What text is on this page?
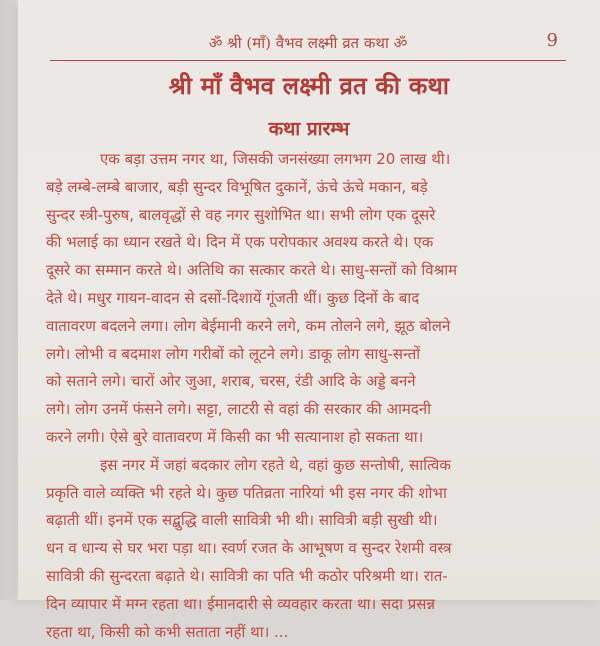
ॐ श्री (माँ) वैभव लक्ष्मी व्रत कथा ॐ	9
श्री माँ वैभव लक्ष्मी व्रत की कथा
कथा प्रारम्भ
एक बड़ा उत्तम नगर था, जिसकी जनसंख्या लगभग 20 लाख थी।
बड़े लम्बे-लम्बे बाजार, बड़ी सुन्दर विभूषित दुकानें, ऊंचे ऊंचे मकान, बड़े
सुन्दर स्त्री-पुरुष, बालवृद्धों से वह नगर सुशोभित था। सभी लोग एक दूसरे
की भलाई का ध्यान रखते थे। दिन में एक परोपकार अवश्य करते थे। एक
दूसरे का सम्मान करते थे। अतिथि का सत्कार करते थे। साधु-सन्तों को विश्राम
देते थे। मधुर गायन-वादन से दसों-दिशायें गूंजती थीं। कुछ दिनों के बाद
वातावरण बदलने लगा। लोग बेईमानी करने लगे, कम तोलने लगे, झूठ बोलने
लगे। लोभी व बदमाश लोग गरीबों को लूटने लगे। डाकू लोग साधु-सन्तों
को सताने लगे। चारों ओर जुआ, शराब, चरस, रंडी आदि के अड्डे बनने
लगे। लोग उनमें फंसने लगे। सट्टा, लाटरी से वहां की सरकार की आमदनी
करने लगी। ऐसे बुरे वातावरण में किसी का भी सत्यानाश हो सकता था।
इस नगर में जहां बदकार लोग रहते थे, वहां कुछ सन्तोषी, सात्विक
प्रकृति वाले व्यक्ति भी रहते थे। कुछ पतिव्रता नारियां भी इस नगर की शोभा
बढ़ाती थीं। इनमें एक सद्बुद्धि वाली सावित्री भी थी। सावित्री बड़ी सुखी थी।
धन व धान्य से घर भरा पड़ा था। स्वर्ण रजत के आभूषण व सुन्दर रेशमी वस्त्र
सावित्री की सुन्दरता बढ़ाते थे। सावित्री का पति भी कठोर परिश्रमी था। रात-
दिन व्यापार में मग्न रहता था। ईमानदारी से व्यवहार करता था। सदा प्रसन्न
रहता था, किसी को कभी सताता नहीं था। ...
